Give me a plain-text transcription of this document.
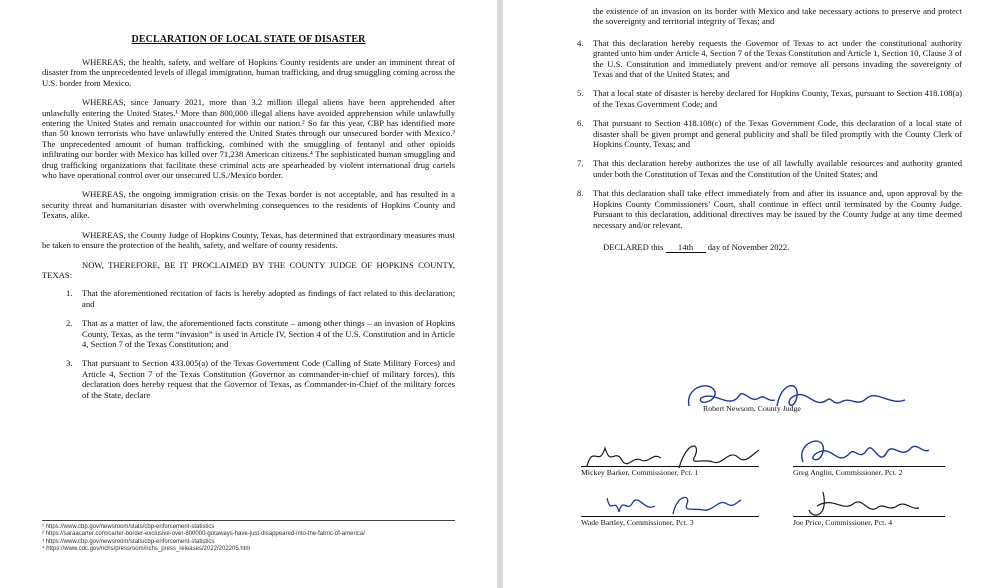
DECLARATION OF LOCAL STATE OF DISASTER

WHEREAS, the health, safety, and welfare of Hopkins County residents are under an imminent threat of disaster from the unprecedented levels of illegal immigration, human trafficking, and drug smuggling coming across the U.S. border from Mexico.

WHEREAS, since January 2021, more than 3.2 million illegal aliens have been apprehended after unlawfully entering the United States.¹ More than 800,000 illegal aliens have avoided apprehension while unlawfully entering the United States and remain unaccounted for within our nation.² So far this year, CBP has identified more than 50 known terrorists who have unlawfully entered the United States through our unsecured border with Mexico.³ The unprecedented amount of human trafficking, combined with the smuggling of fentanyl and other opioids infiltrating our border with Mexico has killed over 71,238 American citizens.⁴ The sophisticated human smuggling and drug trafficking organizations that facilitate these criminal acts are spearheaded by violent international drug cartels who have operational control over our unsecured U.S./Mexico border.

WHEREAS, the ongoing immigration crisis on the Texas border is not acceptable, and has resulted in a security threat and humanitarian disaster with overwhelming consequences to the residents of Hopkins County and Texans, alike.

WHEREAS, the County Judge of Hopkins County, Texas, has determined that extraordinary measures must be taken to ensure the protection of the health, safety, and welfare of county residents.

NOW, THEREFORE, BE IT PROCLAIMED BY THE COUNTY JUDGE OF HOPKINS COUNTY, TEXAS:

1. That the aforementioned recitation of facts is hereby adopted as findings of fact related to this declaration; and

2. That as a matter of law, the aforementioned facts constitute – among other things – an invasion of Hopkins County, Texas, as the term “invasion” is used in Article IV, Section 4 of the U.S. Constitution and in Article 4, Section 7 of the Texas Constitution; and

3. That pursuant to Section 433.005(a) of the Texas Government Code (Calling of State Military Forces) and Article 4, Section 7 of the Texas Constitution (Governor as commander-in-chief of military forces), this declaration does hereby request that the Governor of Texas, as Commander-in-Chief of the military forces of the State, declare

¹ https://www.cbp.gov/newsroom/stats/cbp-enforcement-statistics
² https://saraacarter.com/carter-border-exclusive-over-800000-gotaways-have-just-disappeared-into-the-fabric-of-america/
³ https://www.cbp.gov/newsroom/stats/cbp-enforcement-statistics
⁴ https://www.cdc.gov/nchs/pressroom/nchs_press_releases/2022/202205.htm

the existence of an invasion on its border with Mexico and take necessary actions to preserve and protect the sovereignty and territorial integrity of Texas; and

4. That this declaration hereby requests the Governor of Texas to act under the constitutional authority granted unto him under Article 4, Section 7 of the Texas Constitution and Article 1, Section 10, Clause 3 of the U.S. Constitution and immediately prevent and/or remove all persons invading the sovereignty of Texas and that of the United States; and

5. That a local state of disaster is hereby declared for Hopkins County, Texas, pursuant to Section 418.108(a) of the Texas Government Code; and

6. That pursuant to Section 418.108(c) of the Texas Government Code, this declaration of a local state of disaster shall be given prompt and general publicity and shall be filed promptly with the County Clerk of Hopkins County, Texas; and

7. That this declaration hereby authorizes the use of all lawfully available resources and authority granted under both the Constitution of Texas and the Constitution of the United States; and

8. That this declaration shall take effect immediately from and after its issuance and, upon approval by the Hopkins County Commissioners’ Court, shall continue in effect until terminated by the County Judge. Pursuant to this declaration, additional directives may be issued by the County Judge at any time deemed necessary and/or relevant.

DECLARED this 14th day of November 2022.
Robert Newsom, County Judge
Mickey Barker, Commissioner, Pct. 1	Greg Anglin, Commissioner, Pct. 2
Wade Bartley, Commissioner, Pct. 3	Joe Price, Commissioner, Pct. 4
